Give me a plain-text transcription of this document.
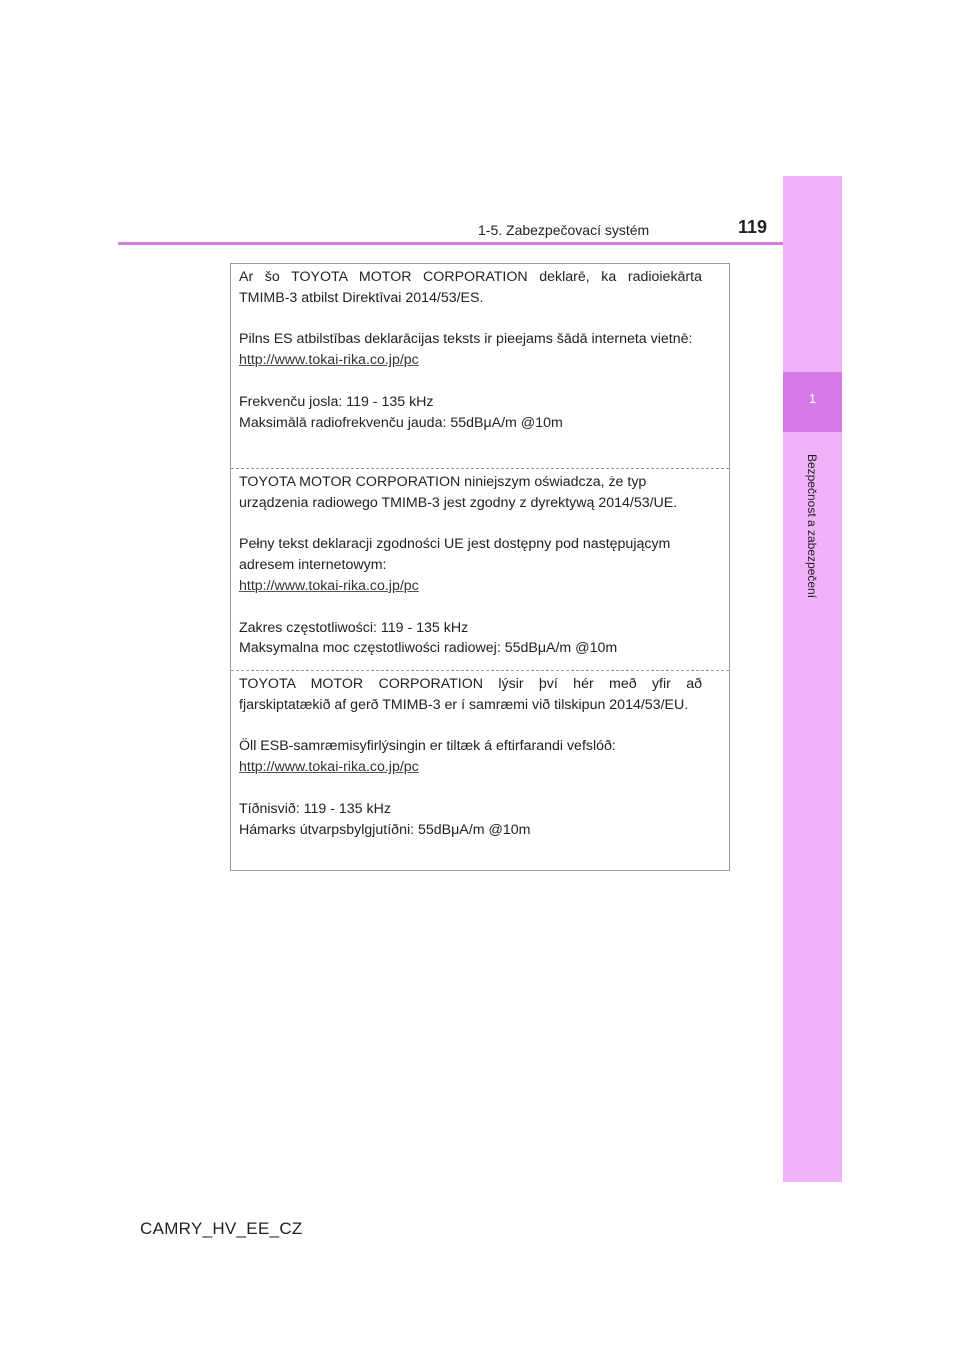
1-5. Zabezpečovací systém	119
1
Bezpečnost a zabezpečení

Ar šo TOYOTA MOTOR CORPORATION deklarē, ka radioiekārta TMIMB-3 atbilst Direktīvai 2014/53/ES.

Pilns ES atbilstības deklarācijas teksts ir pieejams šādā interneta vietnē:

http://www.tokai-rika.co.jp/pc

Frekvenču josla: 119 - 135 kHz

Maksimālā radiofrekvenču jauda: 55dBμA/m @10m

TOYOTA MOTOR CORPORATION niniejszym oświadcza, że typ urządzenia radiowego TMIMB-3 jest zgodny z dyrektywą 2014/53/UE.

Pełny tekst deklaracji zgodności UE jest dostępny pod następującym adresem internetowym:

http://www.tokai-rika.co.jp/pc

Zakres częstotliwości: 119 - 135 kHz

Maksymalna moc częstotliwości radiowej: 55dBμA/m @10m

TOYOTA MOTOR CORPORATION lýsir því hér með yfir að fjarskiptatækið af gerð TMIMB-3 er í samræmi við tilskipun 2014/53/EU.

Öll ESB-samræmisyfirlýsingin er tiltæk á eftirfarandi vefslóð:

http://www.tokai-rika.co.jp/pc

Tíðnisvið: 119 - 135 kHz

Hámarks útvarpsbylgjutíðni: 55dBμA/m @10m

CAMRY_HV_EE_CZ
